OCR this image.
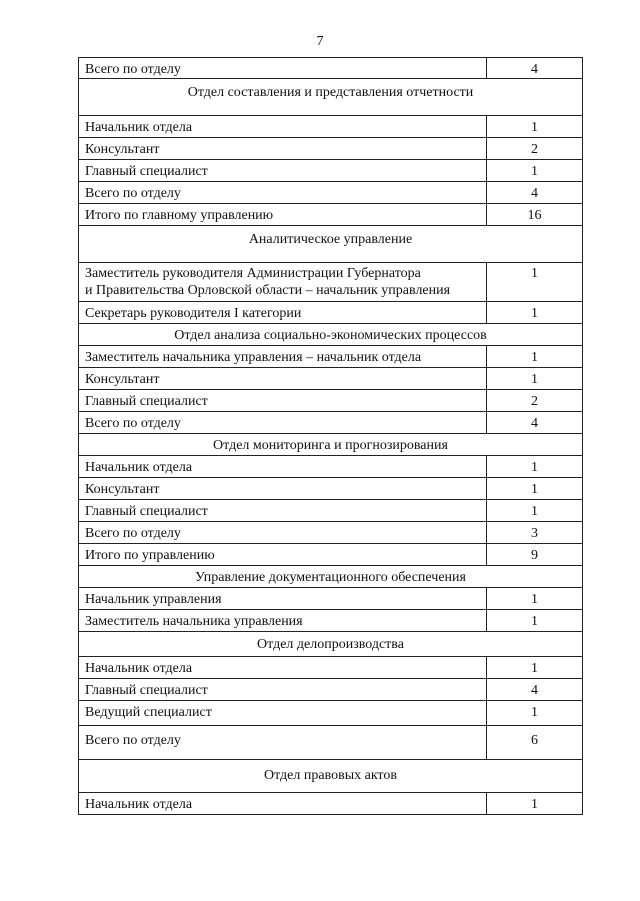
7
Всего по отделу	4
Отдел составления и представления отчетности	
Начальник отдела	1
Консультант	2
Главный специалист	1
Всего по отделу	4
Итого по главному управлению	16
Аналитическое управление	
Заместитель руководителя Администрации Губернатора
и Правительства Орловской области – начальник управления	1
Секретарь руководителя I категории	1
Отдел анализа социально-экономических процессов	
Заместитель начальника управления – начальник отдела	1
Консультант	1
Главный специалист	2
Всего по отделу	4
Отдел мониторинга и прогнозирования	
Начальник отдела	1
Консультант	1
Главный специалист	1
Всего по отделу	3
Итого по управлению	9
Управление документационного обеспечения	
Начальник управления	1
Заместитель начальника управления	1
Отдел делопроизводства	
Начальник отдела	1
Главный специалист	4
Ведущий специалист	1
Всего по отделу	6
Отдел правовых актов	
Начальник отдела	1
